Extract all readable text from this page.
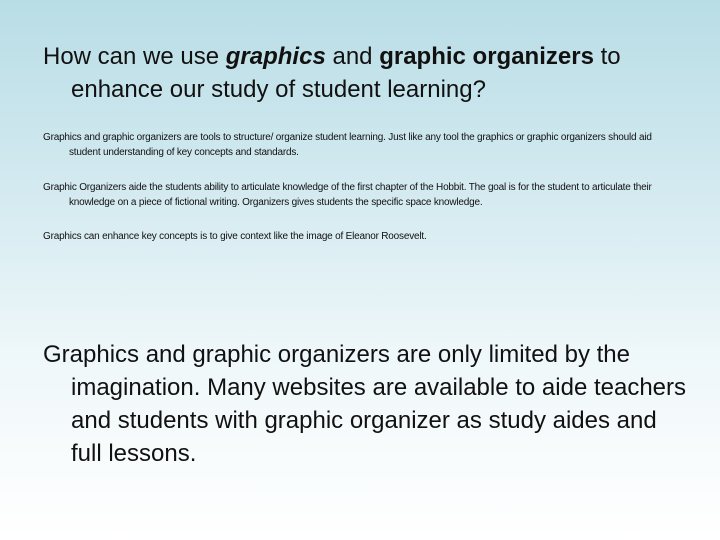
How can we use graphics and graphic organizers to enhance our study of student learning?

Graphics and graphic organizers are tools to structure/ organize student learning. Just like any tool the graphics or graphic organizers should aid student understanding of key concepts and standards.

Graphic Organizers aide the students ability to articulate knowledge of the first chapter of the Hobbit. The goal is for the student to articulate their knowledge on a piece of fictional writing. Organizers gives students the specific space knowledge.

Graphics can enhance key concepts is to give context like the image of Eleanor Roosevelt.

Graphics and graphic organizers are only limited by the imagination. Many websites are available to aide teachers and students with graphic organizer as study aides and full lessons.
